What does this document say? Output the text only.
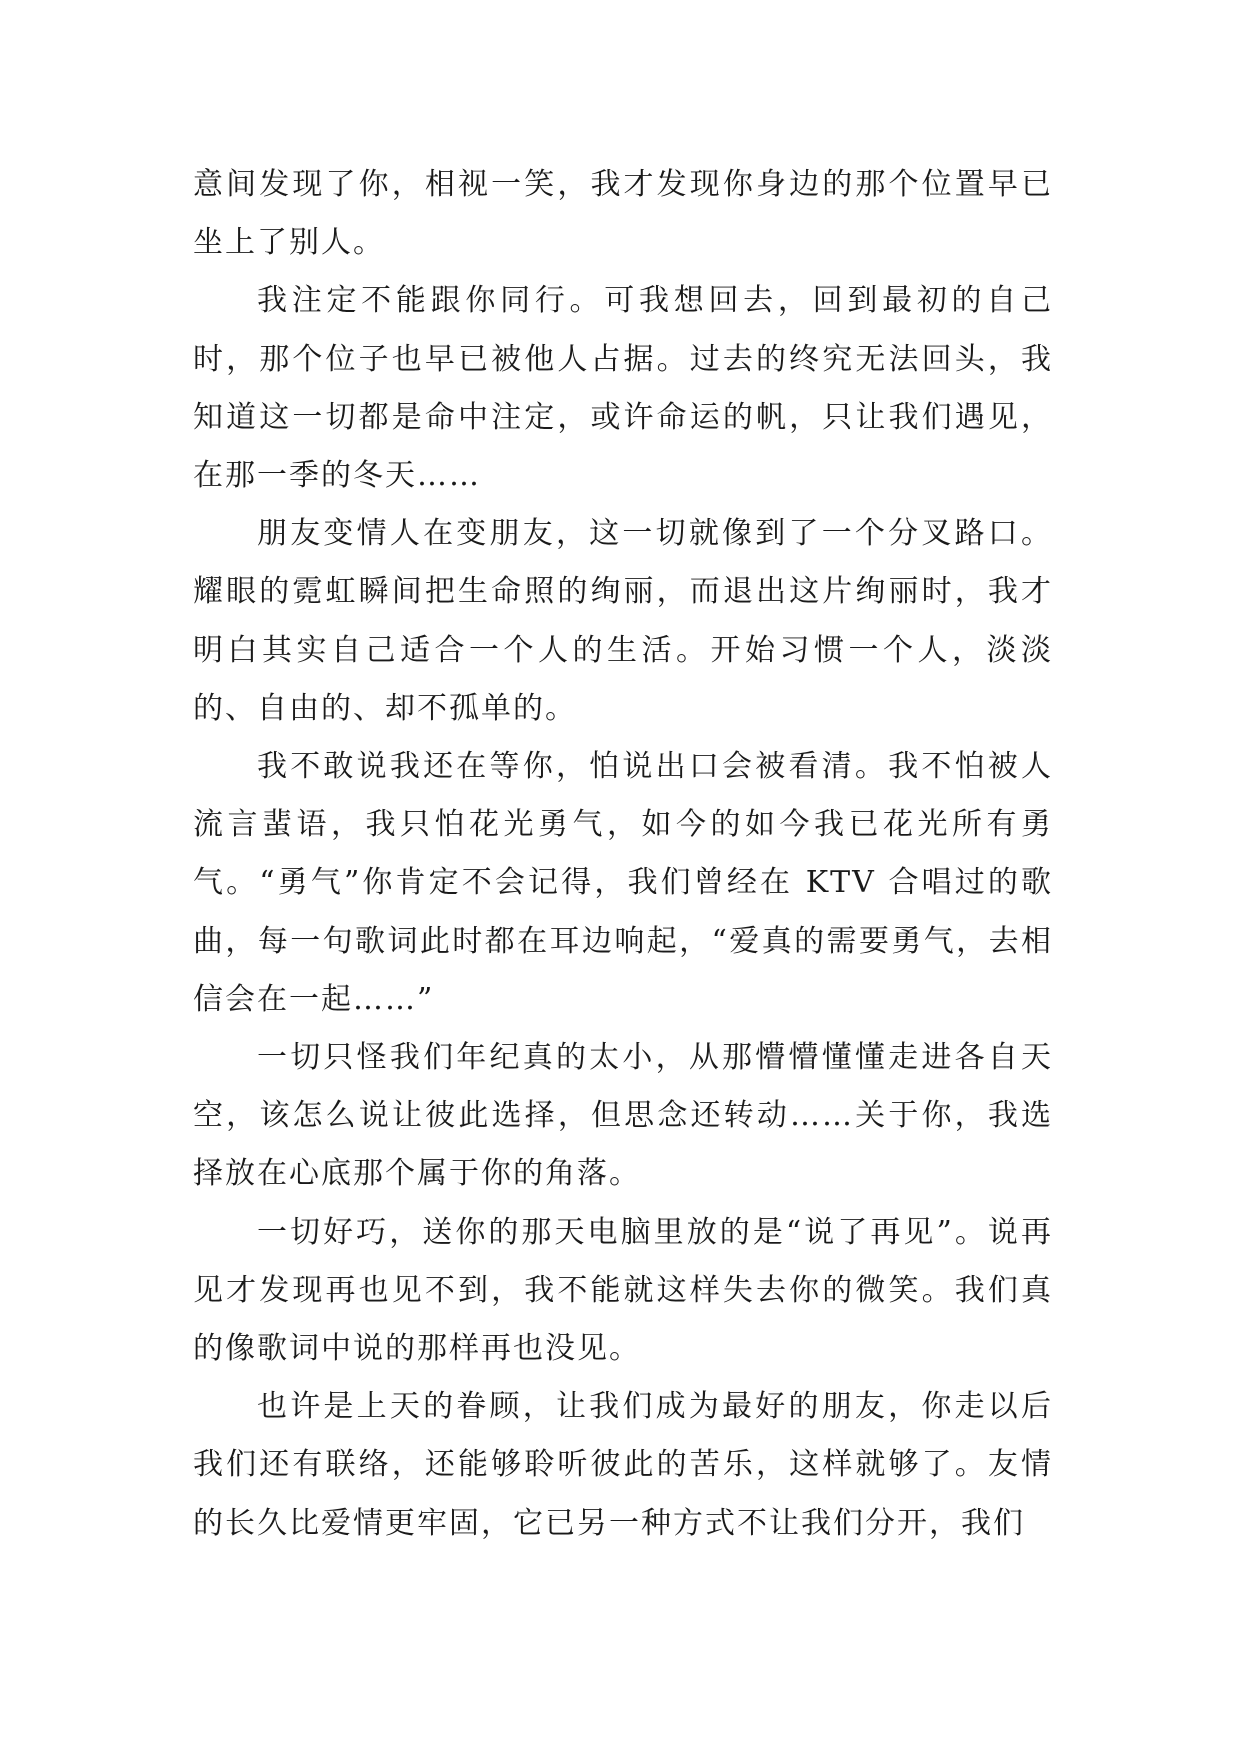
意间发现了你，相视一笑，我才发现你身边的那个位置早已坐上了别人。

我注定不能跟你同行。可我想回去，回到最初的自己时，那个位子也早已被他人占据。过去的终究无法回头，我知道这一切都是命中注定，或许命运的帆，只让我们遇见，在那一季的冬天……

朋友变情人在变朋友，这一切就像到了一个分叉路口。耀眼的霓虹瞬间把生命照的绚丽，而退出这片绚丽时，我才明白其实自己适合一个人的生活。开始习惯一个人，淡淡的、自由的、却不孤单的。

我不敢说我还在等你，怕说出口会被看清。我不怕被人流言蜚语，我只怕花光勇气，如今的如今我已花光所有勇气。“勇气”你肯定不会记得，我们曾经在 KTV 合唱过的歌曲，每一句歌词此时都在耳边响起，“爱真的需要勇气，去相信会在一起……”

一切只怪我们年纪真的太小，从那懵懵懂懂走进各自天空，该怎么说让彼此选择，但思念还转动……关于你，我选择放在心底那个属于你的角落。

一切好巧，送你的那天电脑里放的是“说了再见”。说再见才发现再也见不到，我不能就这样失去你的微笑。我们真的像歌词中说的那样再也没见。

也许是上天的眷顾，让我们成为最好的朋友，你走以后我们还有联络，还能够聆听彼此的苦乐，这样就够了。友情的长久比爱情更牢固，它已另一种方式不让我们分开，我们
